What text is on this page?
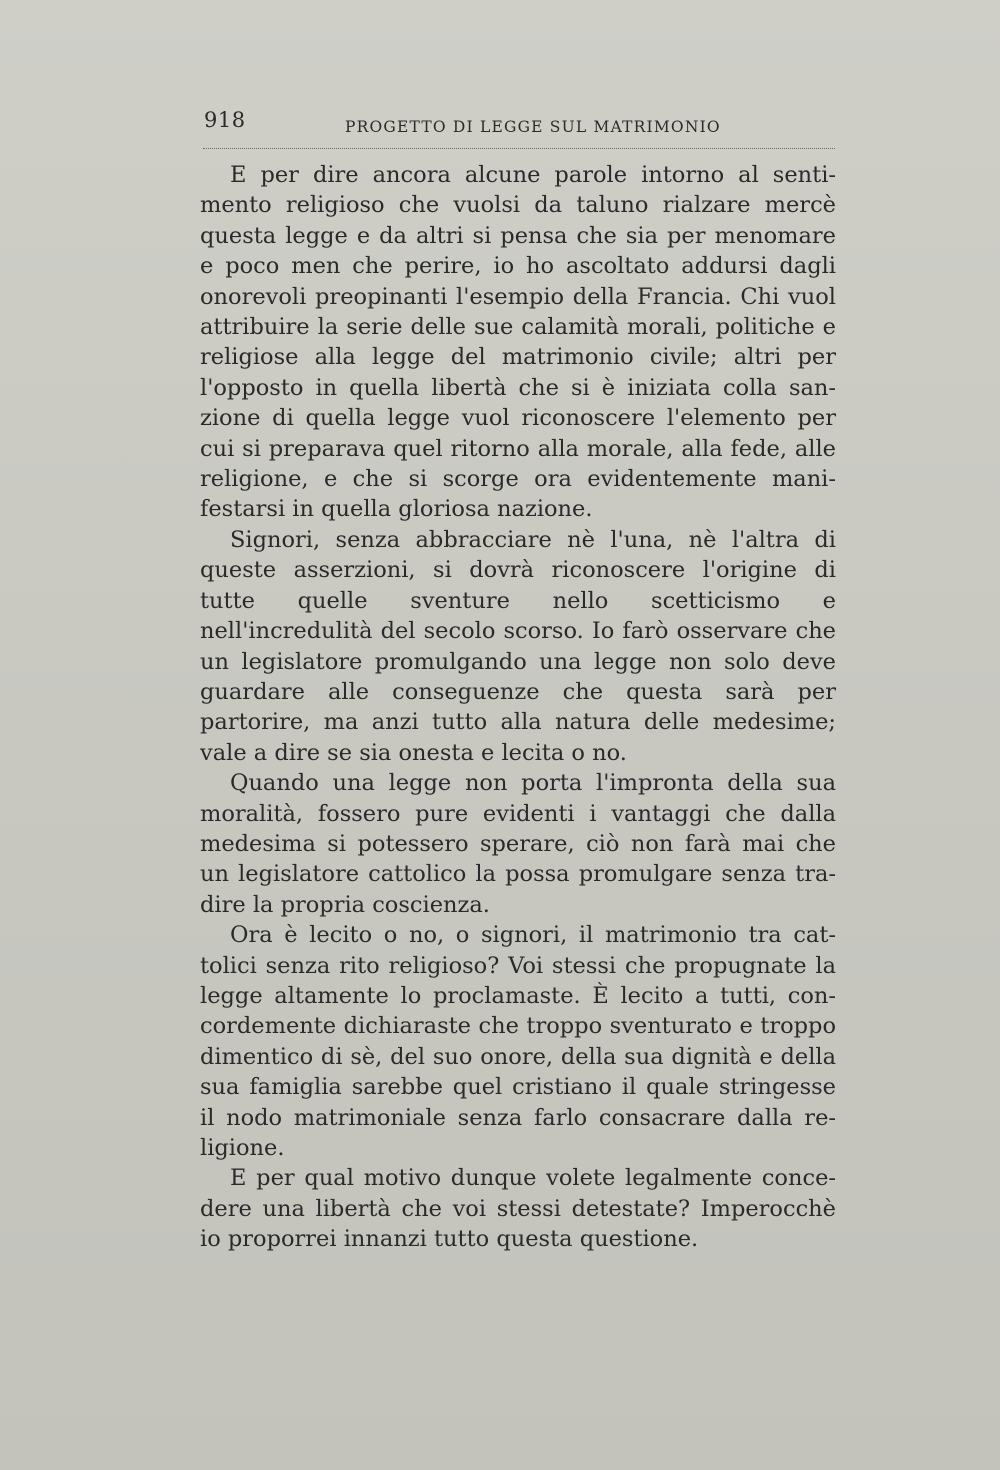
918	PROGETTO DI LEGGE SUL MATRIMONIO

E per dire ancora alcune parole intorno al sentimento religioso che vuolsi da taluno rialzare mercè questa legge e da altri si pensa che sia per menomare e poco men che perire, io ho ascoltato addursi dagli onorevoli preopinanti l'esempio della Francia. Chi vuol attribuire la serie delle sue calamità morali, politiche e religiose alla legge del matrimonio civile; altri per l'opposto in quella libertà che si è iniziata colla sanzione di quella legge vuol riconoscere l'elemento per cui si preparava quel ritorno alla morale, alla fede, alle religione, e che si scorge ora evidentemente manifestarsi in quella gloriosa nazione.

Signori, senza abbracciare nè l'una, nè l'altra di queste asserzioni, si dovrà riconoscere l'origine di tutte quelle sventure nello scetticismo e nell'incredulità del secolo scorso. Io farò osservare che un legislatore promulgando una legge non solo deve guardare alle conseguenze che questa sarà per partorire, ma anzi tutto alla natura delle medesime; vale a dire se sia onesta e lecita o no.

Quando una legge non porta l'impronta della sua moralità, fossero pure evidenti i vantaggi che dalla medesima si potessero sperare, ciò non farà mai che un legislatore cattolico la possa promulgare senza tradire la propria coscienza.

Ora è lecito o no, o signori, il matrimonio tra cattolici senza rito religioso? Voi stessi che propugnate la legge altamente lo proclamaste. È lecito a tutti, concordemente dichiaraste che troppo sventurato e troppo dimentico di sè, del suo onore, della sua dignità e della sua famiglia sarebbe quel cristiano il quale stringesse il nodo matrimoniale senza farlo consacrare dalla religione.

E per qual motivo dunque volete legalmente concedere una libertà che voi stessi detestate? Imperocchè io proporrei innanzi tutto questa questione.
